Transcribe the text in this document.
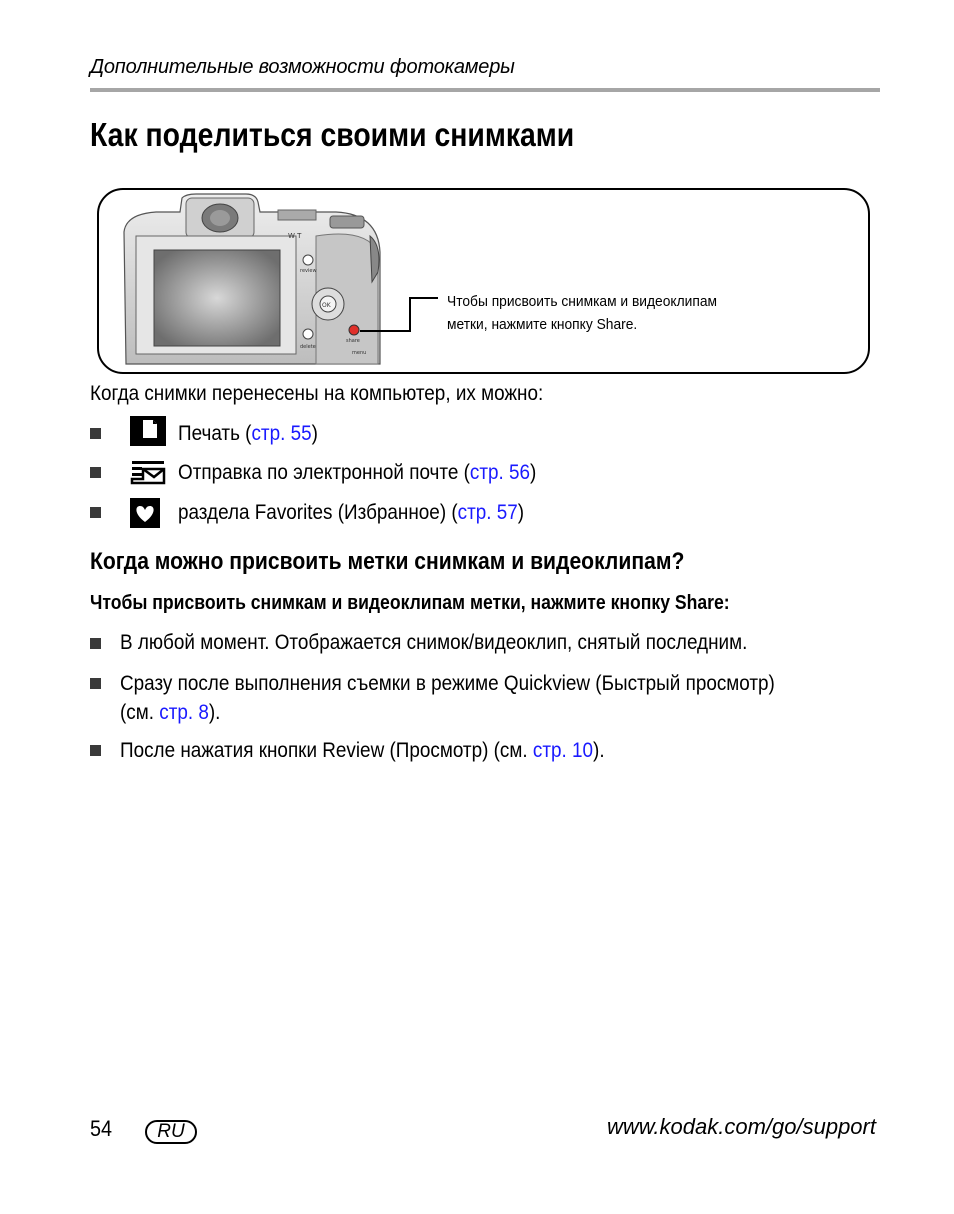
Дополнительные возможности фотокамеры
Как поделиться своими снимками
W T
review
OK
delete
share
menu
Чтобы присвоить снимкам и видеоклипам
метки, нажмите кнопку Share.
Когда снимки перенесены на компьютер, их можно:
Печать (стр. 55)
Отправка по электронной почте (стр. 56)
раздела Favorites (Избранное) (стр. 57)
Когда можно присвоить метки снимкам и видеоклипам?
Чтобы присвоить снимкам и видеоклипам метки, нажмите кнопку Share:
В любой момент. Отображается снимок/видеоклип, снятый последним.
Сразу после выполнения съемки в режиме Quickview (Быстрый просмотр)
(см. стр. 8).
После нажатия кнопки Review (Просмотр) (см. стр. 10).
54	RU	www.kodak.com/go/support
